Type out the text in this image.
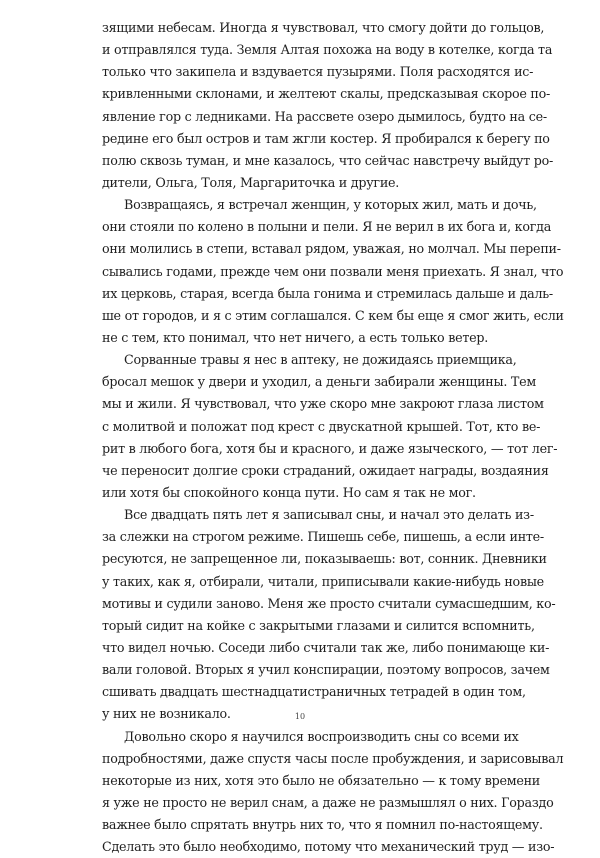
зящими небесам. Иногда я чувствовал, что смогу дойти до гольцов,
и отправлялся туда. Земля Алтая похожа на воду в котелке, когда та
только что закипела и вздувается пузырями. Поля расходятся ис-
кривленными склонами, и желтеют скалы, предсказывая скорое по-
явление гор с ледниками. На рассвете озеро дымилось, будто на се-
редине его был остров и там жгли костер. Я пробирался к берегу по
полю сквозь туман, и мне казалось, что сейчас навстречу выйдут ро-
дители, Ольга, Толя, Маргариточка и другие.
Возвращаясь, я встречал женщин, у которых жил, мать и дочь,
они стояли по колено в полыни и пели. Я не верил в их бога и, когда
они молились в степи, вставал рядом, уважая, но молчал. Мы перепи-
сывались годами, прежде чем они позвали меня приехать. Я знал, что
их церковь, старая, всегда была гонима и стремилась дальше и даль-
ше от городов, и я с этим соглашался. С кем бы еще я смог жить, если
не с тем, кто понимал, что нет ничего, а есть только ветер.
Сорванные травы я нес в аптеку, не дожидаясь приемщика,
бросал мешок у двери и уходил, а деньги забирали женщины. Тем
мы и жили. Я чувствовал, что уже скоро мне закроют глаза листом
с молитвой и положат под крест с двускатной крышей. Тот, кто ве-
рит в любого бога, хотя бы и красного, и даже языческого, — тот лег-
че переносит долгие сроки страданий, ожидает награды, воздаяния
или хотя бы спокойного конца пути. Но сам я так не мог.
Все двадцать пять лет я записывал сны, и начал это делать из-
за слежки на строгом режиме. Пишешь себе, пишешь, а если инте-
ресуются, не запрещенное ли, показываешь: вот, сонник. Дневники
у таких, как я, отбирали, читали, приписывали какие-нибудь новые
мотивы и судили заново. Меня же просто считали сумасшедшим, ко-
торый сидит на койке с закрытыми глазами и силится вспомнить,
что видел ночью. Соседи либо считали так же, либо понимающе ки-
вали головой. Вторых я учил конспирации, поэтому вопросов, зачем
сшивать двадцать шестнадцатистраничных тетрадей в один том,
у них не возникало.
Довольно скоро я научился воспроизводить сны со всеми их
подробностями, даже спустя часы после пробуждения, и зарисовывал
некоторые из них, хотя это было не обязательно — к тому времени
я уже не просто не верил снам, а даже не размышлял о них. Гораздо
важнее было спрятать внутрь них то, что я помнил по-настоящему.
Сделать это было необходимо, потому что механический труд — изо-
10
